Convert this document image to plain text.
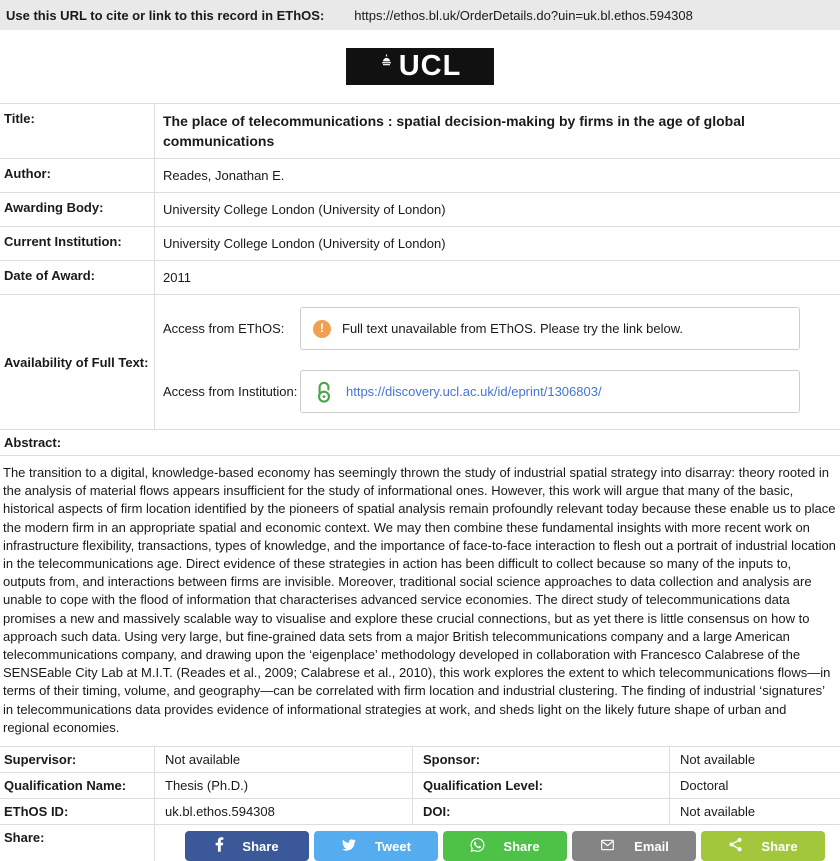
Use this URL to cite or link to this record in EThOS: https://ethos.bl.uk/OrderDetails.do?uin=uk.bl.ethos.594308
UCL
Title:	The place of telecommunications : spatial decision-making by firms in the age of global communications
Author:	Reades, Jonathan E.
Awarding Body:	University College London (University of London)
Current Institution:	University College London (University of London)
Date of Award:	2011
Availability of Full Text:
Access from EThOS:	!	Full text unavailable from EThOS. Please try the link below.
Access from Institution:	https://discovery.ucl.ac.uk/id/eprint/1306803/
Abstract:
The transition to a digital, knowledge-based economy has seemingly thrown the study of industrial spatial strategy into disarray: theory rooted in the analysis of material flows appears insufficient for the study of informational ones. However, this work will argue that many of the basic, historical aspects of firm location identified by the pioneers of spatial analysis remain profoundly relevant today because these enable us to place the modern firm in an appropriate spatial and economic context. We may then combine these fundamental insights with more recent work on infrastructure flexibility, transactions, types of knowledge, and the importance of face-to-face interaction to flesh out a portrait of industrial location in the telecommunications age. Direct evidence of these strategies in action has been difficult to collect because so many of the inputs to, outputs from, and interactions between firms are invisible. Moreover, traditional social science approaches to data collection and analysis are unable to cope with the flood of information that characterises advanced service economies. The direct study of telecommunications data promises a new and massively scalable way to visualise and explore these crucial connections, but as yet there is little consensus on how to approach such data. Using very large, but fine-grained data sets from a major British telecommunications company and a large American telecommunications company, and drawing upon the ‘eigenplace’ methodology developed in collaboration with Francesco Calabrese of the SENSEable City Lab at M.I.T. (Reades et al., 2009; Calabrese et al., 2010), this work explores the extent to which telecommunications flows—in terms of their timing, volume, and geography—can be correlated with firm location and industrial clustering. The finding of industrial ‘signatures’ in telecommunications data provides evidence of informational strategies at work, and sheds light on the likely future shape of urban and regional economies.
Supervisor:	Not available	Sponsor:	Not available
Qualification Name:	Thesis (Ph.D.)	Qualification Level:	Doctoral
EThOS ID:	uk.bl.ethos.594308	DOI:	Not available
Share:
Share	Tweet	Share	Email	Share
